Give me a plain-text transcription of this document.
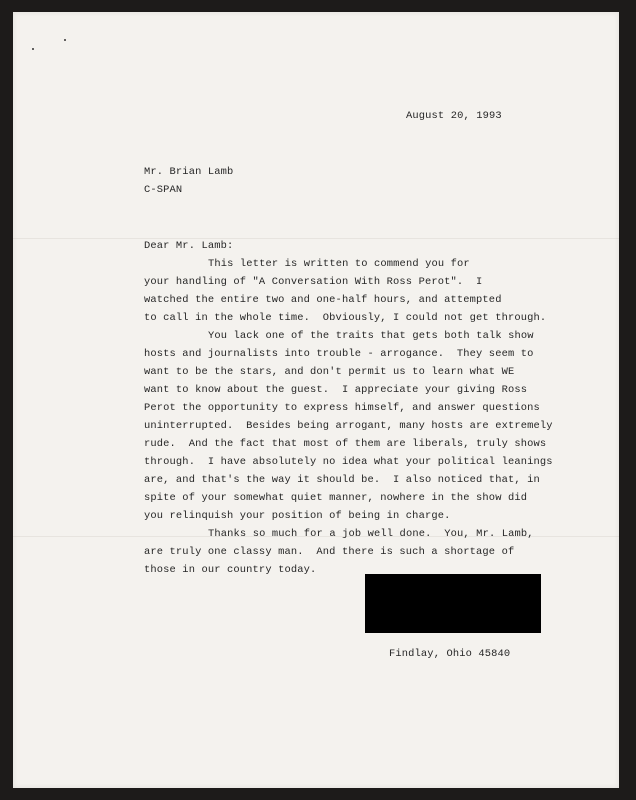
August 20, 1993
Mr. Brian Lamb
C-SPAN
Dear Mr. Lamb:
This letter is written to commend you for
your handling of "A Conversation With Ross Perot".  I
watched the entire two and one-half hours, and attempted
to call in the whole time.  Obviously, I could not get through.
You lack one of the traits that gets both talk show
hosts and journalists into trouble - arrogance.  They seem to
want to be the stars, and don't permit us to learn what WE
want to know about the guest.  I appreciate your giving Ross
Perot the opportunity to express himself, and answer questions
uninterrupted.  Besides being arrogant, many hosts are extremely
rude.  And the fact that most of them are liberals, truly shows
through.  I have absolutely no idea what your political leanings
are, and that's the way it should be.  I also noticed that, in
spite of your somewhat quiet manner, nowhere in the show did
you relinquish your position of being in charge.
Thanks so much for a job well done.  You, Mr. Lamb,
are truly one classy man.  And there is such a shortage of
those in our country today.
Findlay, Ohio 45840
